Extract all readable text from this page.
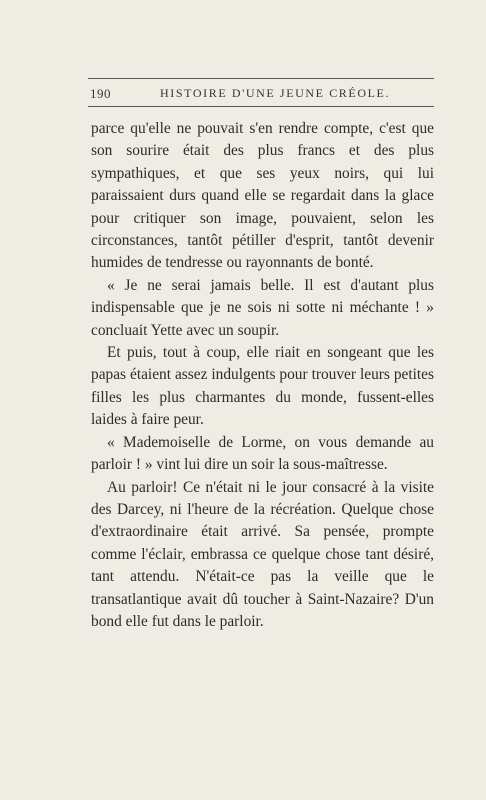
190	HISTOIRE D'UNE JEUNE CRÉOLE.

parce qu'elle ne pouvait s'en rendre compte, c'est que son sourire était des plus francs et des plus sympathiques, et que ses yeux noirs, qui lui paraissaient durs quand elle se regardait dans la glace pour critiquer son image, pouvaient, selon les circonstances, tantôt pétiller d'esprit, tantôt devenir humides de tendresse ou rayonnants de bonté.

« Je ne serai jamais belle. Il est d'autant plus indispensable que je ne sois ni sotte ni méchante ! » concluait Yette avec un soupir.

Et puis, tout à coup, elle riait en songeant que les papas étaient assez indulgents pour trouver leurs petites filles les plus charmantes du monde, fussent-elles laides à faire peur.

« Mademoiselle de Lorme, on vous demande au parloir ! » vint lui dire un soir la sous-maîtresse.

Au parloir! Ce n'était ni le jour consacré à la visite des Darcey, ni l'heure de la récréation. Quelque chose d'extraordinaire était arrivé. Sa pensée, prompte comme l'éclair, embrassa ce quelque chose tant désiré, tant attendu. N'était-ce pas la veille que le transatlantique avait dû toucher à Saint-Nazaire? D'un bond elle fut dans le parloir.
